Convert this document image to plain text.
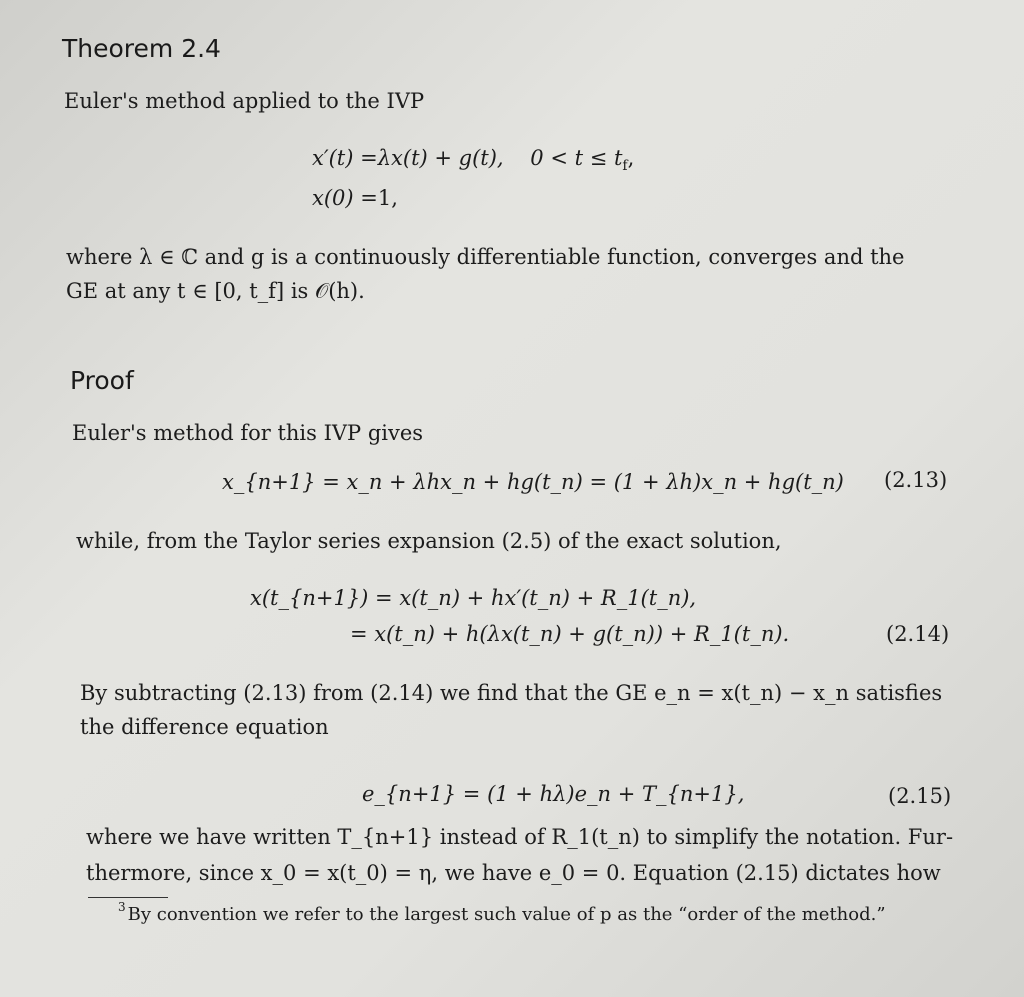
Theorem 2.4
Euler's method applied to the IVP
x′(t) =λx(t) + g(t), $0 < t \le t_f$,
x(0) =1,
where λ ∈ ℂ and g is a continuously differentiable function, converges and the
GE at any t ∈ [0, t_f] is 𝒪(h).
Proof
Euler's method for this IVP gives
x_{n+1} = x_n + λhx_n + hg(t_n) = (1 + λh)x_n + hg(t_n) (2.13)
while, from the Taylor series expansion (2.5) of the exact solution,
x(t_{n+1}) = x(t_n) + hx′(t_n) + R_1(t_n),
= x(t_n) + h(λx(t_n) + g(t_n)) + R_1(t_n).	(2.14)
By subtracting (2.13) from (2.14) we find that the GE e_n = x(t_n) − x_n satisfies
the difference equation
e_{n+1} = (1 + hλ)e_n + T_{n+1},	(2.15)
where we have written T_{n+1} instead of R_1(t_n) to simplify the notation. Fur-
thermore, since x_0 = x(t_0) = η, we have e_0 = 0. Equation (2.15) dictates how
$^3$ By convention we refer to the largest such value of p as the “order of the method.”
